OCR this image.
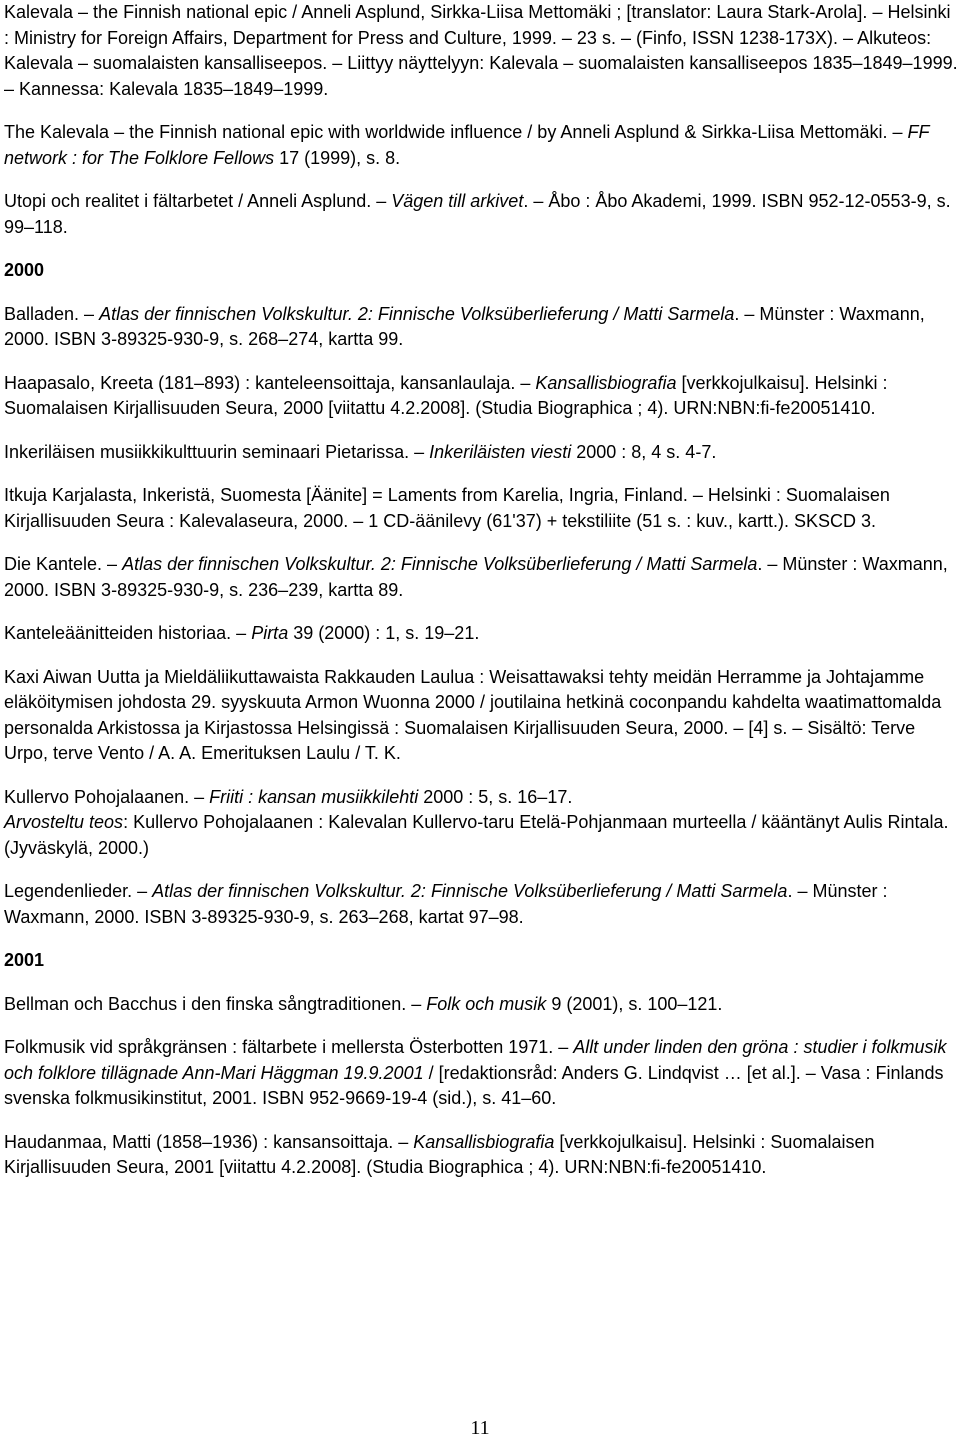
Kalevala – the Finnish national epic / Anneli Asplund, Sirkka-Liisa Mettomäki ; [translator: Laura Stark-Arola]. – Helsinki : Ministry for Foreign Affairs, Department for Press and Culture, 1999. – 23 s. – (Finfo, ISSN 1238-173X). – Alkuteos: Kalevala – suomalaisten kansalliseepos. – Liittyy näyttelyyn: Kalevala – suomalaisten kansalliseepos 1835–1849–1999. – Kannessa: Kalevala 1835–1849–1999.

The Kalevala – the Finnish national epic with worldwide influence / by Anneli Asplund & Sirkka-Liisa Mettomäki. – FF network : for The Folklore Fellows 17 (1999), s. 8.

Utopi och realitet i fältarbetet / Anneli Asplund. – Vägen till arkivet. – Åbo : Åbo Akademi, 1999. ISBN 952-12-0553-9, s. 99–118.

2000

Balladen. – Atlas der finnischen Volkskultur. 2: Finnische Volksüberlieferung / Matti Sarmela. – Münster : Waxmann, 2000. ISBN 3-89325-930-9, s. 268–274, kartta 99.

Haapasalo, Kreeta (181–893) : kanteleensoittaja, kansanlaulaja. – Kansallisbiografia [verkkojulkaisu]. Helsinki : Suomalaisen Kirjallisuuden Seura, 2000 [viitattu 4.2.2008]. (Studia Biographica ; 4). URN:NBN:fi-fe20051410.

Inkeriläisen musiikkikulttuurin seminaari Pietarissa. – Inkeriläisten viesti 2000 : 8, 4 s. 4-7.

Itkuja Karjalasta, Inkeristä, Suomesta [Äänite] = Laments from Karelia, Ingria, Finland. – Helsinki : Suomalaisen Kirjallisuuden Seura : Kalevalaseura, 2000. – 1 CD-äänilevy (61'37) + tekstiliite (51 s. : kuv., kartt.). SKSCD 3.

Die Kantele. – Atlas der finnischen Volkskultur. 2: Finnische Volksüberlieferung / Matti Sarmela. – Münster : Waxmann, 2000. ISBN 3-89325-930-9, s. 236–239, kartta 89.

Kanteleäänitteiden historiaa. – Pirta 39 (2000) : 1, s. 19–21.

Kaxi Aiwan Uutta ja Mieldäliikuttawaista Rakkauden Laulua : Weisattawaksi tehty meidän Herramme ja Johtajamme eläköitymisen johdosta 29. syyskuuta Armon Wuonna 2000 / joutilaina hetkinä coconpandu kahdelta waatimattomalda personalda Arkistossa ja Kirjastossa Helsingissä : Suomalaisen Kirjallisuuden Seura, 2000. – [4] s. – Sisältö: Terve Urpo, terve Vento / A. A. Emerituksen Laulu / T. K.

Kullervo Pohojalaanen. – Friiti : kansan musiikkilehti 2000 : 5, s. 16–17.
Arvosteltu teos: Kullervo Pohojalaanen : Kalevalan Kullervo-taru Etelä-Pohjanmaan murteella / kääntänyt Aulis Rintala. (Jyväskylä, 2000.)

Legendenlieder. – Atlas der finnischen Volkskultur. 2: Finnische Volksüberlieferung / Matti Sarmela. – Münster : Waxmann, 2000. ISBN 3-89325-930-9, s. 263–268, kartat 97–98.

2001

Bellman och Bacchus i den finska sångtraditionen. – Folk och musik 9 (2001), s. 100–121.

Folkmusik vid språkgränsen : fältarbete i mellersta Österbotten 1971. – Allt under linden den gröna : studier i folkmusik och folklore tillägnade Ann-Mari Häggman 19.9.2001 / [redaktionsråd: Anders G. Lindqvist … [et al.]. – Vasa : Finlands svenska folkmusikinstitut, 2001. ISBN 952-9669-19-4 (sid.), s. 41–60.

Haudanmaa, Matti (1858–1936) : kansansoittaja. – Kansallisbiografia [verkkojulkaisu]. Helsinki : Suomalaisen Kirjallisuuden Seura, 2001 [viitattu 4.2.2008]. (Studia Biographica ; 4). URN:NBN:fi-fe20051410.

11
